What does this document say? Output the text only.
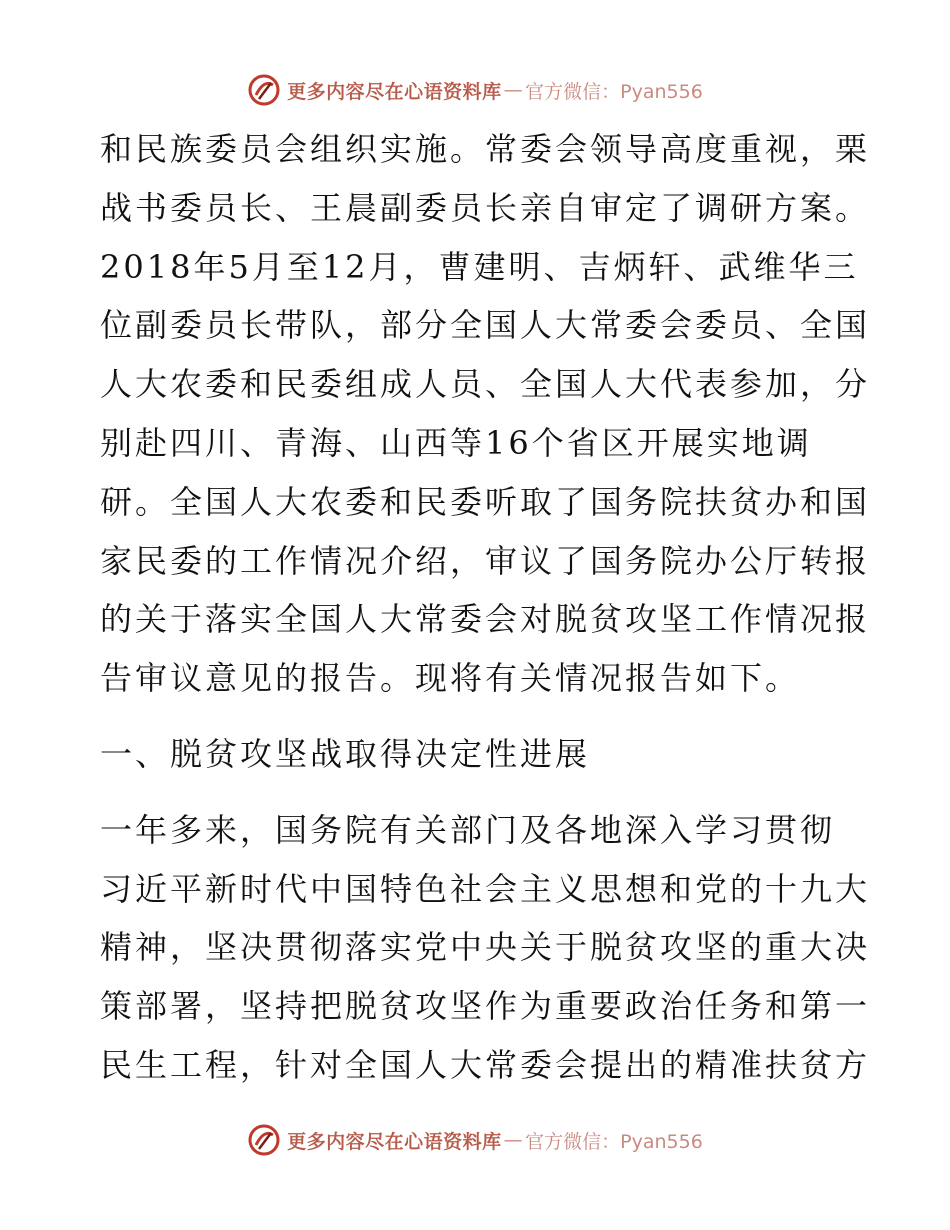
更多内容尽在心语资料库 — 官方微信：Pyan556
和民族委员会组织实施。常委会领导高度重视，栗
战书委员长、王晨副委员长亲自审定了调研方案。
2018年5月至12月，曹建明、吉炳轩、武维华三
位副委员长带队，部分全国人大常委会委员、全国
人大农委和民委组成人员、全国人大代表参加，分
别赴四川、青海、山西等16个省区开展实地调
研。全国人大农委和民委听取了国务院扶贫办和国
家民委的工作情况介绍，审议了国务院办公厅转报
的关于落实全国人大常委会对脱贫攻坚工作情况报
告审议意见的报告。现将有关情况报告如下。
一、脱贫攻坚战取得决定性进展
一年多来，国务院有关部门及各地深入学习贯彻
习近平新时代中国特色社会主义思想和党的十九大
精神，坚决贯彻落实党中央关于脱贫攻坚的重大决
策部署，坚持把脱贫攻坚作为重要政治任务和第一
民生工程，针对全国人大常委会提出的精准扶贫方
更多内容尽在心语资料库 — 官方微信：Pyan556
